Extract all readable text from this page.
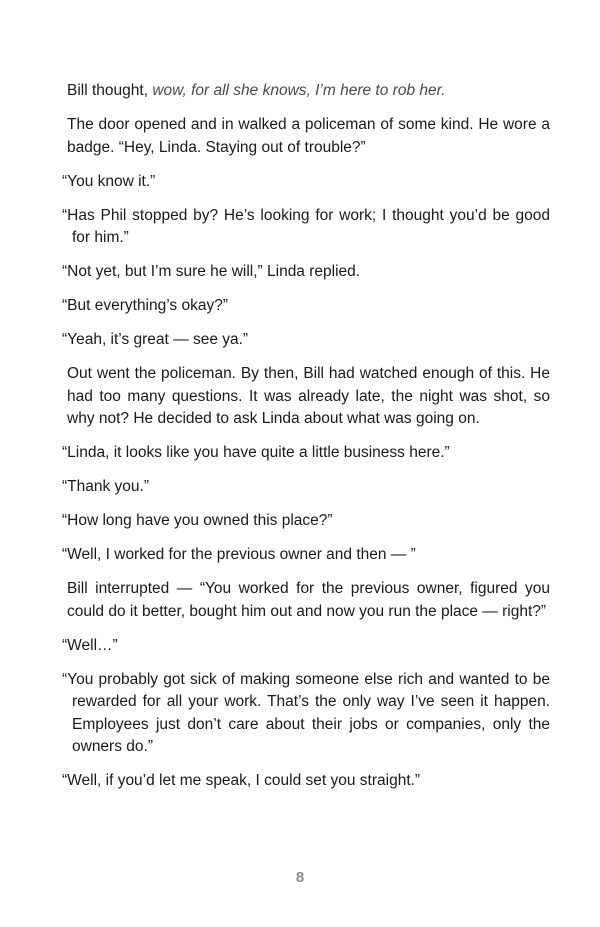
Bill thought, wow, for all she knows, I’m here to rob her.

The door opened and in walked a policeman of some kind. He wore a badge. “Hey, Linda. Staying out of trouble?”

“You know it.”

“Has Phil stopped by? He’s looking for work; I thought you’d be good for him.”

“Not yet, but I’m sure he will,” Linda replied.

“But everything’s okay?”

“Yeah, it’s great — see ya.”

Out went the policeman. By then, Bill had watched enough of this. He had too many questions. It was already late, the night was shot, so why not? He decided to ask Linda about what was going on.

“Linda, it looks like you have quite a little business here.”

“Thank you.”

“How long have you owned this place?”

“Well, I worked for the previous owner and then — ”

Bill interrupted — “You worked for the previous owner, figured you could do it better, bought him out and now you run the place — right?”

“Well…”

“You probably got sick of making someone else rich and wanted to be rewarded for all your work. That’s the only way I’ve seen it happen. Employees just don’t care about their jobs or companies, only the owners do.”

“Well, if you’d let me speak, I could set you straight.”

8
